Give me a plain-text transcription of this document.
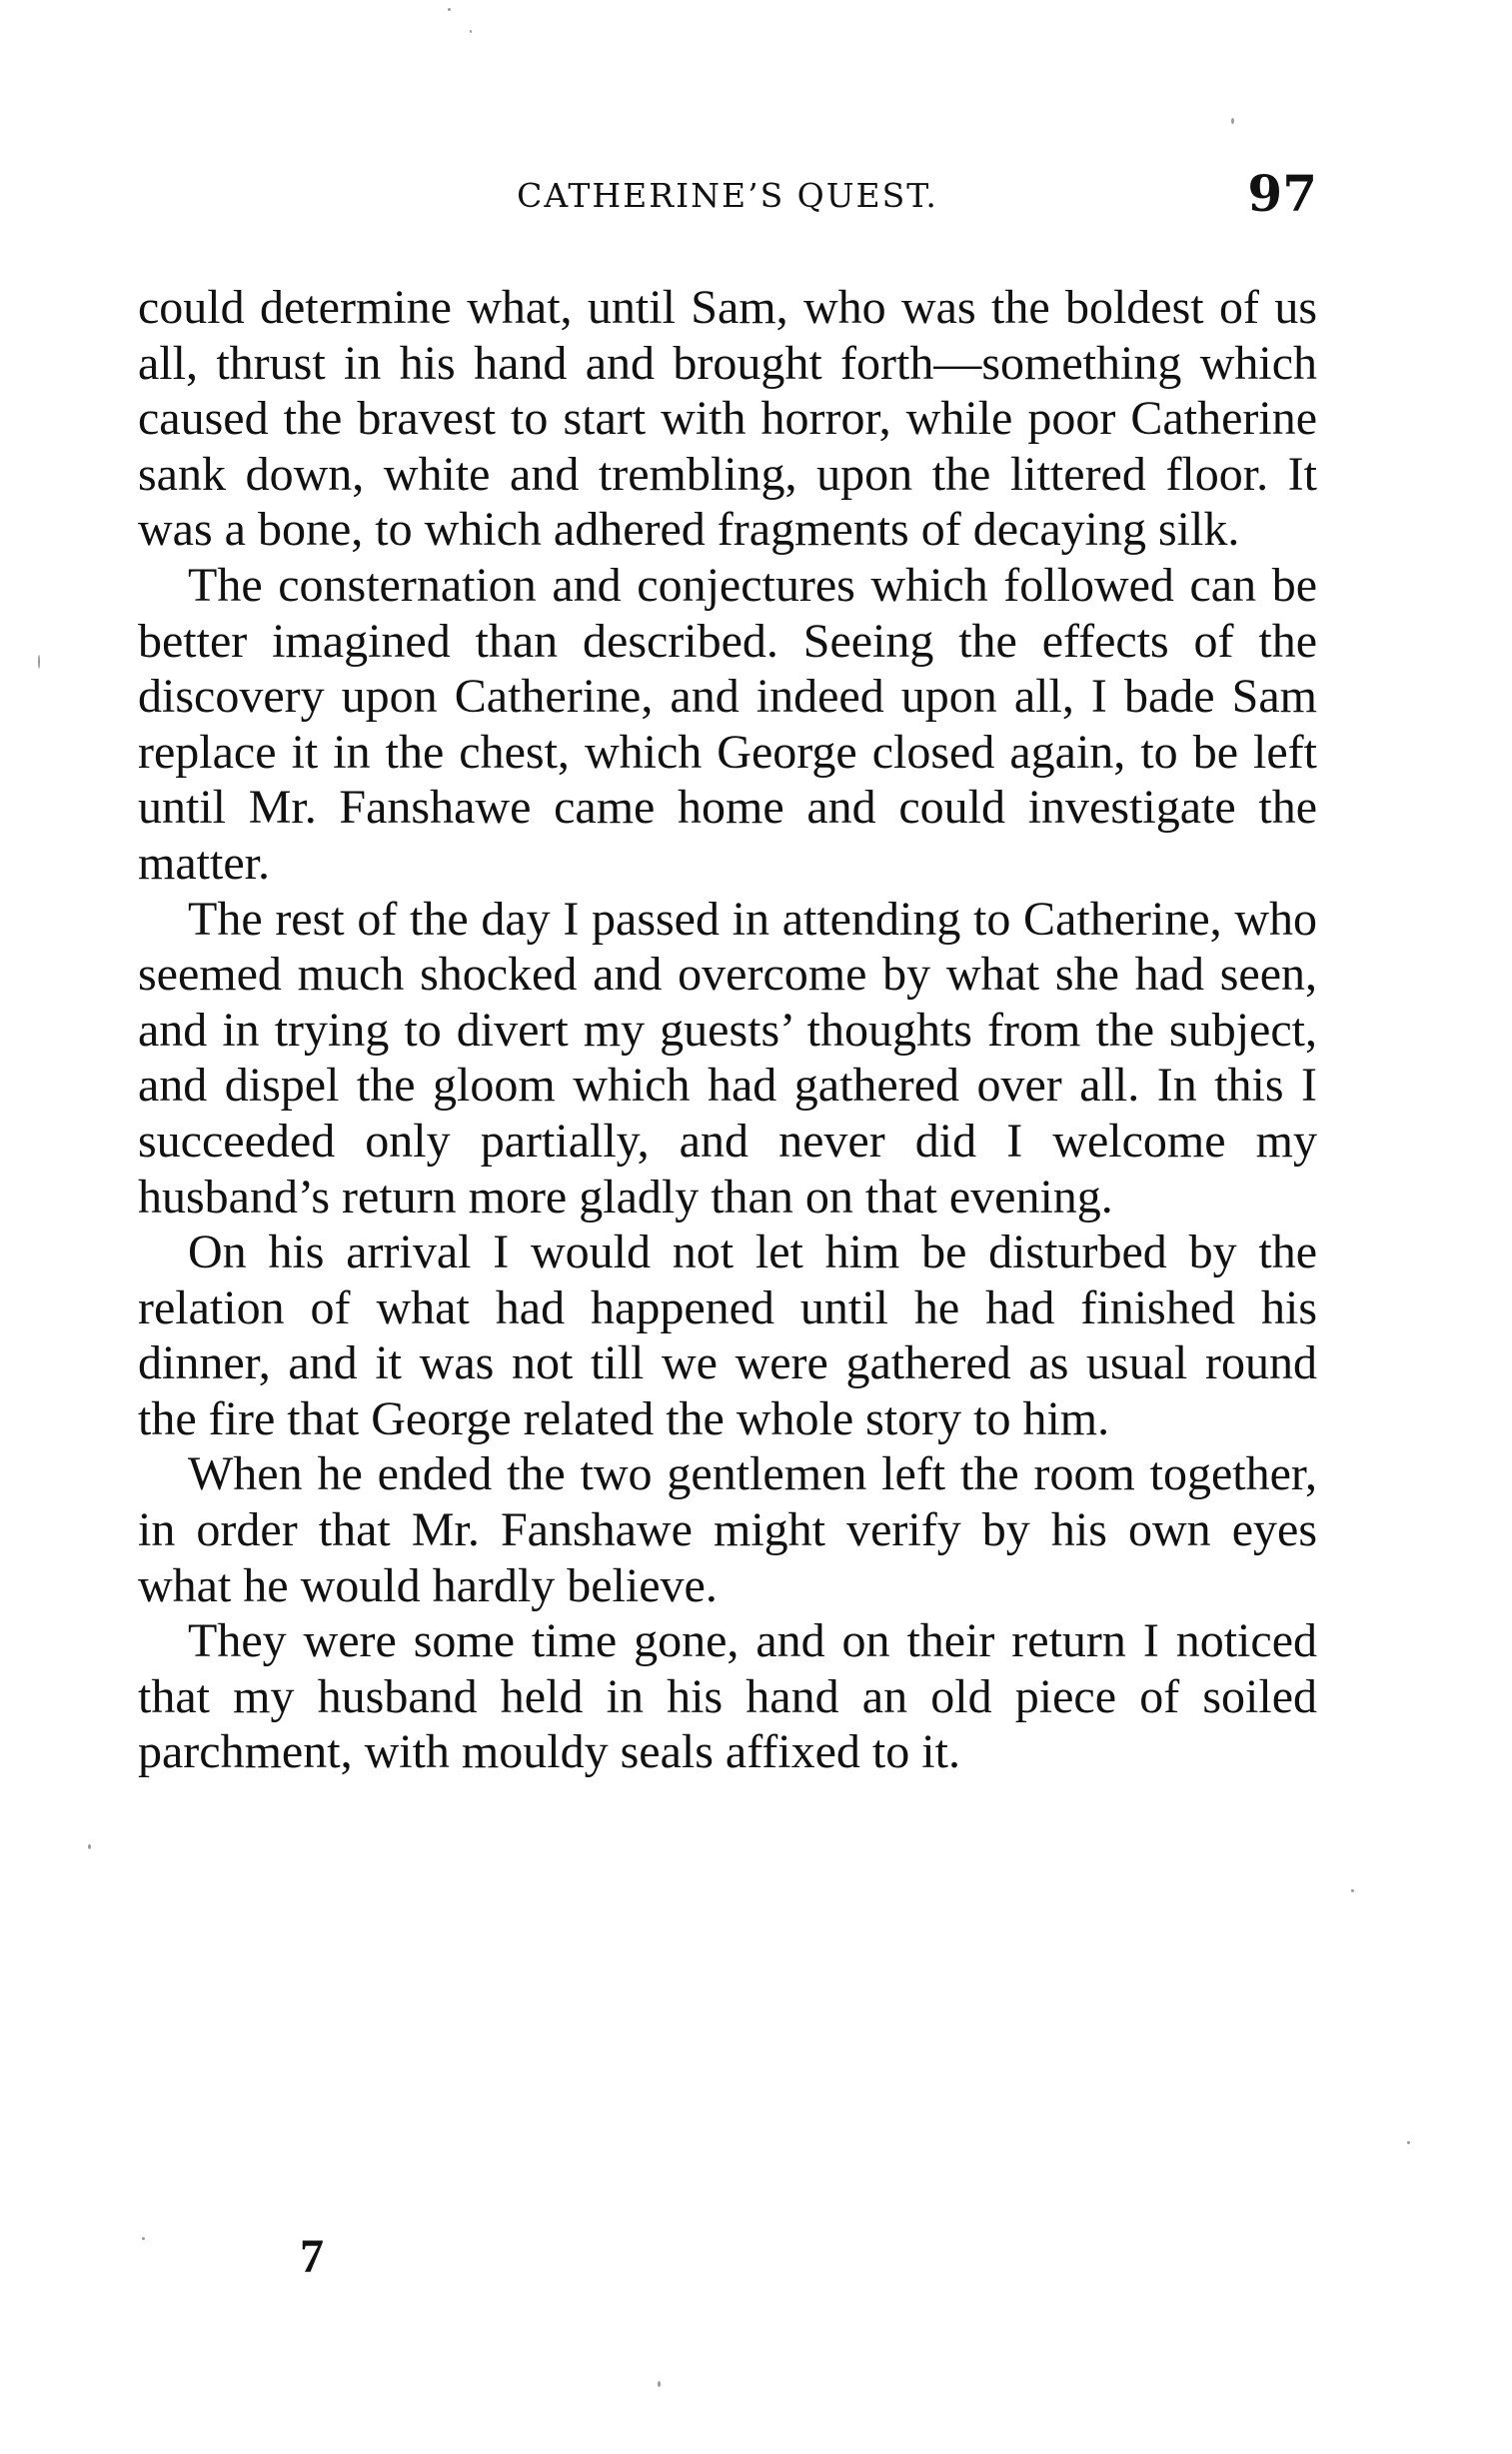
CATHERINE’S QUEST.	97

could determine what, until Sam, who was the boldest of us all, thrust in his hand and brought forth—something which caused the bravest to start with horror, while poor Catherine sank down, white and trembling, upon the littered floor. It was a bone, to which adhered fragments of decaying silk.

The consternation and conjectures which followed can be better imagined than described. Seeing the effects of the discovery upon Catherine, and indeed upon all, I bade Sam replace it in the chest, which George closed again, to be left until Mr. Fanshawe came home and could investigate the matter.

The rest of the day I passed in attending to Catherine, who seemed much shocked and overcome by what she had seen, and in trying to divert my guests’ thoughts from the subject, and dispel the gloom which had gathered over all. In this I succeeded only partially, and never did I welcome my husband’s return more gladly than on that evening.

On his arrival I would not let him be disturbed by the relation of what had happened until he had finished his dinner, and it was not till we were gathered as usual round the fire that George related the whole story to him.

When he ended the two gentlemen left the room together, in order that Mr. Fanshawe might verify by his own eyes what he would hardly believe.

They were some time gone, and on their return I noticed that my husband held in his hand an old piece of soiled parchment, with mouldy seals affixed to it.

7
